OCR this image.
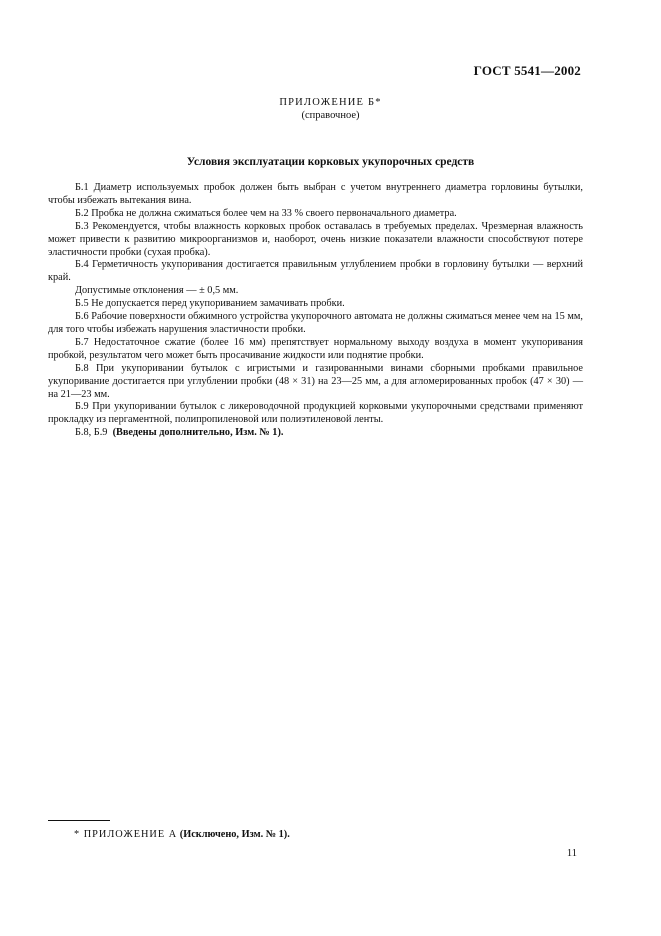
ГОСТ 5541—2002
ПРИЛОЖЕНИЕ Б*
(справочное)
Условия эксплуатации корковых укупорочных средств

Б.1 Диаметр используемых пробок должен быть выбран с учетом внутреннего диаметра горловины бутылки, чтобы избежать вытекания вина.

Б.2 Пробка не должна сжиматься более чем на 33 % своего первоначального диаметра.

Б.3 Рекомендуется, чтобы влажность корковых пробок оставалась в требуемых пределах. Чрезмерная влажность может привести к развитию микроорганизмов и, наоборот, очень низкие показатели влажности способствуют потере эластичности пробки (сухая пробка).

Б.4 Герметичность укупоривания достигается правильным углублением пробки в горловину бутылки — верхний край.

Допустимые отклонения — ± 0,5 мм.

Б.5 Не допускается перед укупориванием замачивать пробки.

Б.6 Рабочие поверхности обжимного устройства укупорочного автомата не должны сжиматься менее чем на 15 мм, для того чтобы избежать нарушения эластичности пробки.

Б.7 Недостаточное сжатие (более 16 мм) препятствует нормальному выходу воздуха в момент укупоривания пробкой, результатом чего может быть просачивание жидкости или поднятие пробки.

Б.8 При укупоривании бутылок с игристыми и газированными винами сборными пробками правильное укупоривание достигается при углублении пробки (48 × 31) на 23—25 мм, а для агломерированных пробок (47 × 30) — на 21—23 мм.

Б.9 При укупоривании бутылок с ликероводочной продукцией корковыми укупорочными средствами применяют прокладку из пергаментной, полипропиленовой или полиэтиленовой ленты.

Б.8, Б.9 (Введены дополнительно, Изм. № 1).

* ПРИЛОЖЕНИЕ А (Исключено, Изм. № 1).
11
